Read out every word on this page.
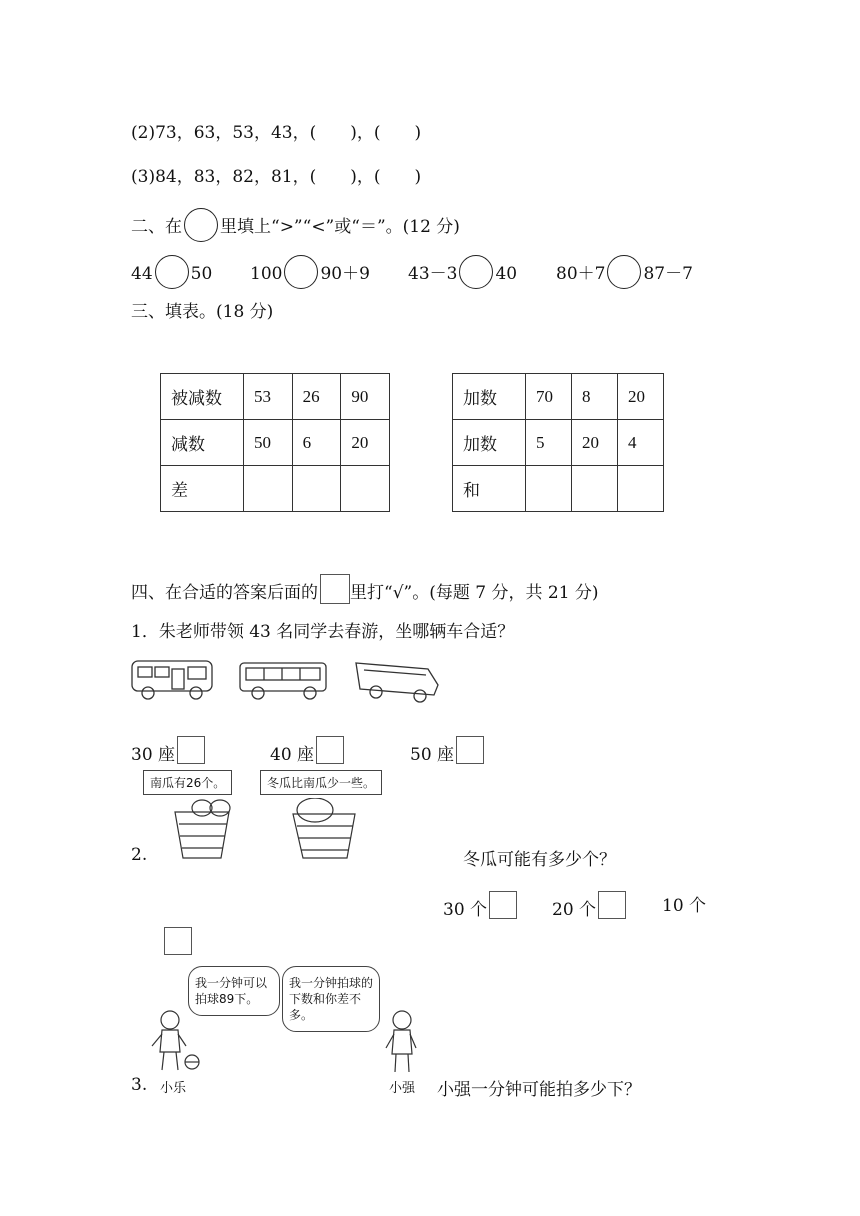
(2)73，63，53，43，(　　)，(　　)
(3)84，83，82，81，(　　)，(　　)
二、在 里填上“>”“<”或“＝”。(12 分)
44 50 100 90＋9 43－3 40 80＋7 87－7
三、填表。(18 分)
被减数	53	26	90
减数	50	6	20
差			
加数	70	8	20
加数	5	20	4
和			
四、在合适的答案后面的 里打“√”。(每题 7 分，共 21 分)
1．朱老师带领 43 名同学去春游，坐哪辆车合适？
30 座	40 座	50 座
南瓜有26个。	冬瓜比南瓜少一些。
2.	冬瓜可能有多少个？
30 个	20 个	10 个
我一分钟可以拍球89下。
我一分钟拍球的下数和你差不多。
3. 小乐	小强 小强一分钟可能拍多少下？
